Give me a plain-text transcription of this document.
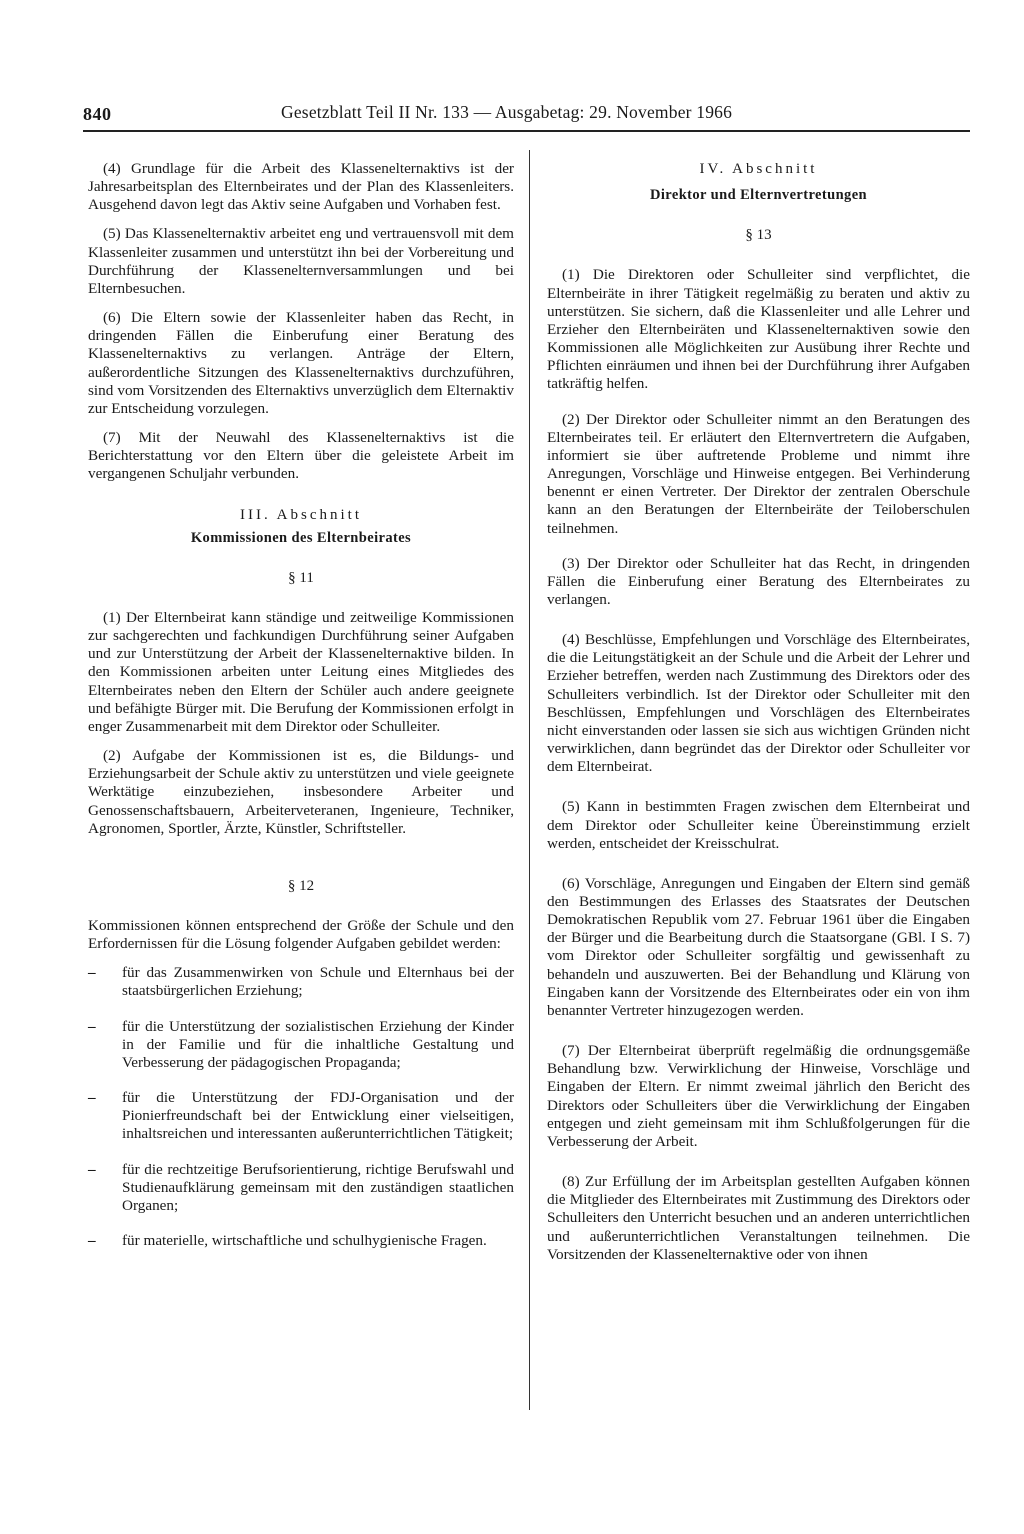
840	Gesetzblatt Teil II Nr. 133 — Ausgabetag: 29. November 1966

(4) Grundlage für die Arbeit des Klassenelternaktivs ist der Jahresarbeitsplan des Elternbeirates und der Plan des Klassenleiters. Ausgehend davon legt das Aktiv seine Aufgaben und Vorhaben fest.

(5) Das Klassenelternaktiv arbeitet eng und vertrauensvoll mit dem Klassenleiter zusammen und unterstützt ihn bei der Vorbereitung und Durchführung der Klassenelternversammlungen und bei Elternbesuchen.

(6) Die Eltern sowie der Klassenleiter haben das Recht, in dringenden Fällen die Einberufung einer Beratung des Klassenelternaktivs zu verlangen. Anträge der Eltern, außerordentliche Sitzungen des Klassenelternaktivs durchzuführen, sind vom Vorsitzenden des Elternaktivs unverzüglich dem Elternaktiv zur Entscheidung vorzulegen.

(7) Mit der Neuwahl des Klassenelternaktivs ist die Berichterstattung vor den Eltern über die geleistete Arbeit im vergangenen Schuljahr verbunden.

III. Abschnitt

Kommissionen des Elternbeirates

§ 11

(1) Der Elternbeirat kann ständige und zeitweilige Kommissionen zur sachgerechten und fachkundigen Durchführung seiner Aufgaben und zur Unterstützung der Arbeit der Klassenelternaktive bilden. In den Kommissionen arbeiten unter Leitung eines Mitgliedes des Elternbeirates neben den Eltern der Schüler auch andere geeignete und befähigte Bürger mit. Die Berufung der Kommissionen erfolgt in enger Zusammenarbeit mit dem Direktor oder Schulleiter.

(2) Aufgabe der Kommissionen ist es, die Bildungs- und Erziehungsarbeit der Schule aktiv zu unterstützen und viele geeignete Werktätige einzubeziehen, insbesondere Arbeiter und Genossenschaftsbauern, Arbeiterveteranen, Ingenieure, Techniker, Agronomen, Sportler, Ärzte, Künstler, Schriftsteller.

§ 12

Kommissionen können entsprechend der Größe der Schule und den Erfordernissen für die Lösung folgender Aufgaben gebildet werden:

– für das Zusammenwirken von Schule und Elternhaus bei der staatsbürgerlichen Erziehung;
– für die Unterstützung der sozialistischen Erziehung der Kinder in der Familie und für die inhaltliche Gestaltung und Verbesserung der pädagogischen Propaganda;
– für die Unterstützung der FDJ-Organisation und der Pionierfreundschaft bei der Entwicklung einer vielseitigen, inhaltsreichen und interessanten außerunterrichtlichen Tätigkeit;
– für die rechtzeitige Berufsorientierung, richtige Berufswahl und Studienaufklärung gemeinsam mit den zuständigen staatlichen Organen;
– für materielle, wirtschaftliche und schulhygienische Fragen.

IV. Abschnitt

Direktor und Elternvertretungen

§ 13

(1) Die Direktoren oder Schulleiter sind verpflichtet, die Elternbeiräte in ihrer Tätigkeit regelmäßig zu beraten und aktiv zu unterstützen. Sie sichern, daß die Klassenleiter und alle Lehrer und Erzieher den Elternbeiräten und Klassenelternaktiven sowie den Kommissionen alle Möglichkeiten zur Ausübung ihrer Rechte und Pflichten einräumen und ihnen bei der Durchführung ihrer Aufgaben tatkräftig helfen.

(2) Der Direktor oder Schulleiter nimmt an den Beratungen des Elternbeirates teil. Er erläutert den Elternvertretern die Aufgaben, informiert sie über auftretende Probleme und nimmt ihre Anregungen, Vorschläge und Hinweise entgegen. Bei Verhinderung benennt er einen Vertreter. Der Direktor der zentralen Oberschule kann an den Beratungen der Elternbeiräte der Teiloberschulen teilnehmen.

(3) Der Direktor oder Schulleiter hat das Recht, in dringenden Fällen die Einberufung einer Beratung des Elternbeirates zu verlangen.

(4) Beschlüsse, Empfehlungen und Vorschläge des Elternbeirates, die die Leitungstätigkeit an der Schule und die Arbeit der Lehrer und Erzieher betreffen, werden nach Zustimmung des Direktors oder des Schulleiters verbindlich. Ist der Direktor oder Schulleiter mit den Beschlüssen, Empfehlungen und Vorschlägen des Elternbeirates nicht einverstanden oder lassen sie sich aus wichtigen Gründen nicht verwirklichen, dann begründet das der Direktor oder Schulleiter vor dem Elternbeirat.

(5) Kann in bestimmten Fragen zwischen dem Elternbeirat und dem Direktor oder Schulleiter keine Übereinstimmung erzielt werden, entscheidet der Kreisschulrat.

(6) Vorschläge, Anregungen und Eingaben der Eltern sind gemäß den Bestimmungen des Erlasses des Staatsrates der Deutschen Demokratischen Republik vom 27. Februar 1961 über die Eingaben der Bürger und die Bearbeitung durch die Staatsorgane (GBl. I S. 7) vom Direktor oder Schulleiter sorgfältig und gewissenhaft zu behandeln und auszuwerten. Bei der Behandlung und Klärung von Eingaben kann der Vorsitzende des Elternbeirates oder ein von ihm benannter Vertreter hinzugezogen werden.

(7) Der Elternbeirat überprüft regelmäßig die ordnungsgemäße Behandlung bzw. Verwirklichung der Hinweise, Vorschläge und Eingaben der Eltern. Er nimmt zweimal jährlich den Bericht des Direktors oder Schulleiters über die Verwirklichung der Eingaben entgegen und zieht gemeinsam mit ihm Schlußfolgerungen für die Verbesserung der Arbeit.

(8) Zur Erfüllung der im Arbeitsplan gestellten Aufgaben können die Mitglieder des Elternbeirates mit Zustimmung des Direktors oder Schulleiters den Unterricht besuchen und an anderen unterrichtlichen und außerunterrichtlichen Veranstaltungen teilnehmen. Die Vorsitzenden der Klassenelternaktive oder von ihnen
